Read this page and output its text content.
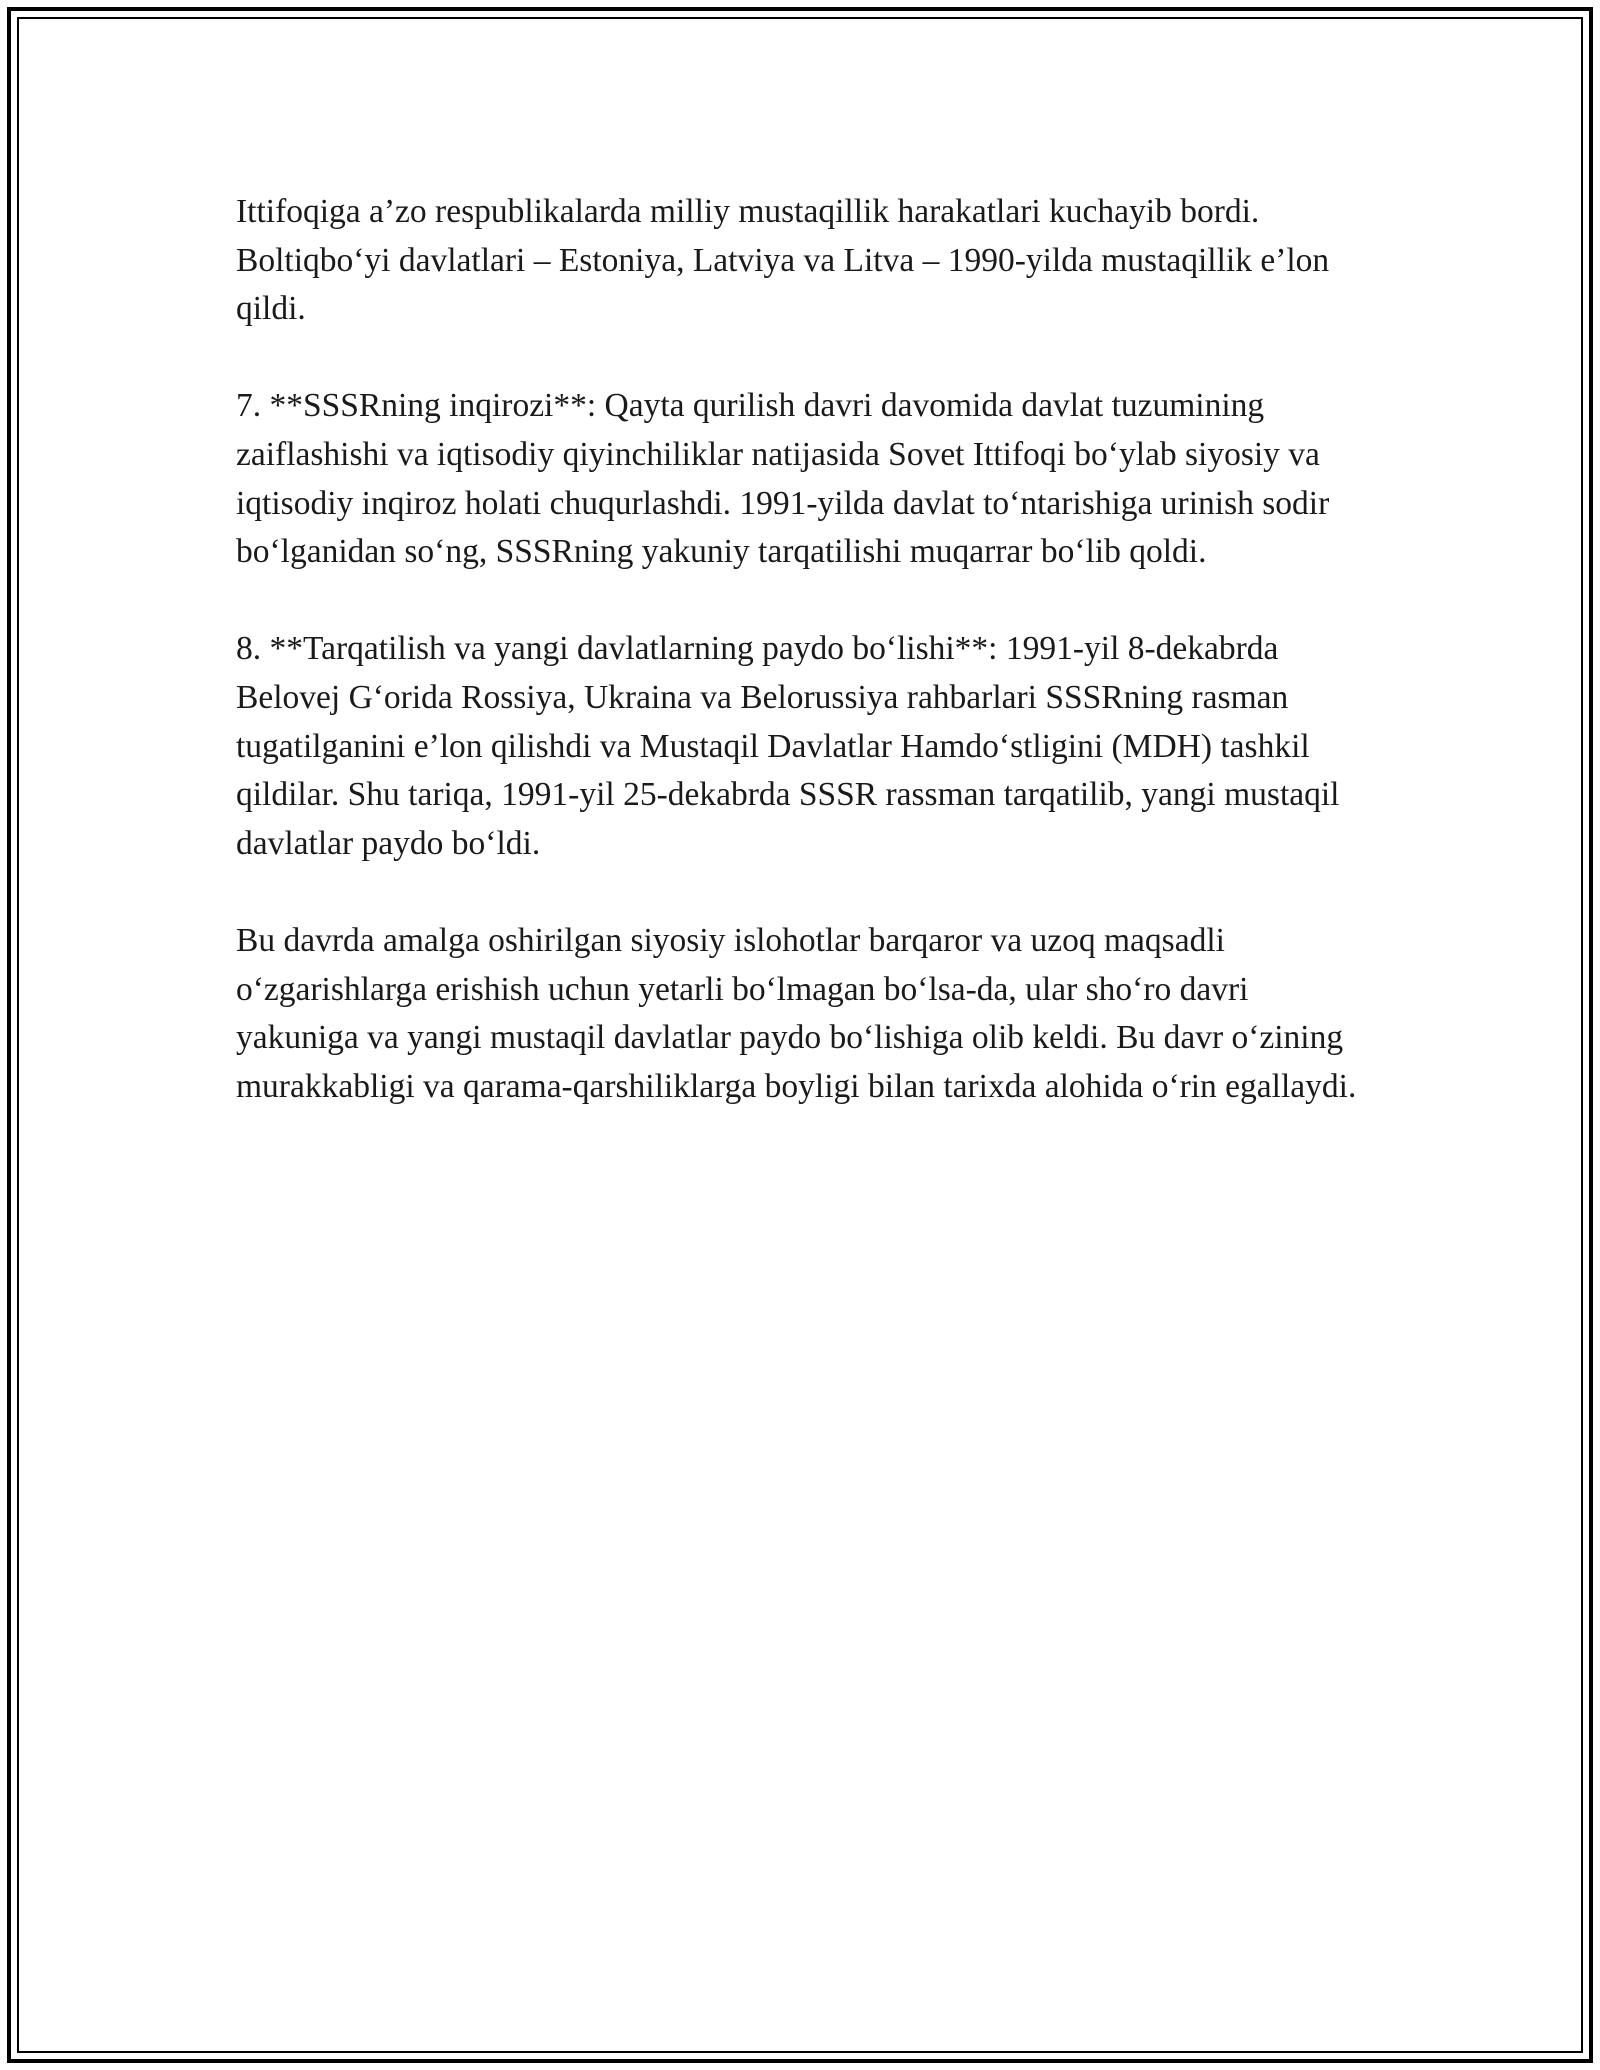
Ittifoqiga a’zo respublikalarda milliy mustaqillik harakatlari kuchayib bordi. Boltiqbo‘yi davlatlari – Estoniya, Latviya va Litva – 1990-yilda mustaqillik e’lon qildi.

7. **SSSRning inqirozi**: Qayta qurilish davri davomida davlat tuzumining zaiflashishi va iqtisodiy qiyinchiliklar natijasida Sovet Ittifoqi bo‘ylab siyosiy va iqtisodiy inqiroz holati chuqurlashdi. 1991-yilda davlat to‘ntarishiga urinish sodir bo‘lganidan so‘ng, SSSRning yakuniy tarqatilishi muqarrar bo‘lib qoldi.

8. **Tarqatilish va yangi davlatlarning paydo bo‘lishi**: 1991-yil 8-dekabrda Belovej G‘orida Rossiya, Ukraina va Belorussiya rahbarlari SSSRning rasman tugatilganini e’lon qilishdi va Mustaqil Davlatlar Hamdo‘stligini (MDH) tashkil qildilar. Shu tariqa, 1991-yil 25-dekabrda SSSR rassman tarqatilib, yangi mustaqil davlatlar paydo bo‘ldi.

Bu davrda amalga oshirilgan siyosiy islohotlar barqaror va uzoq maqsadli o‘zgarishlarga erishish uchun yetarli bo‘lmagan bo‘lsa-da, ular sho‘ro davri yakuniga va yangi mustaqil davlatlar paydo bo‘lishiga olib keldi. Bu davr o‘zining murakkabligi va qarama-qarshiliklarga boyligi bilan tarixda alohida o‘rin egallaydi.
